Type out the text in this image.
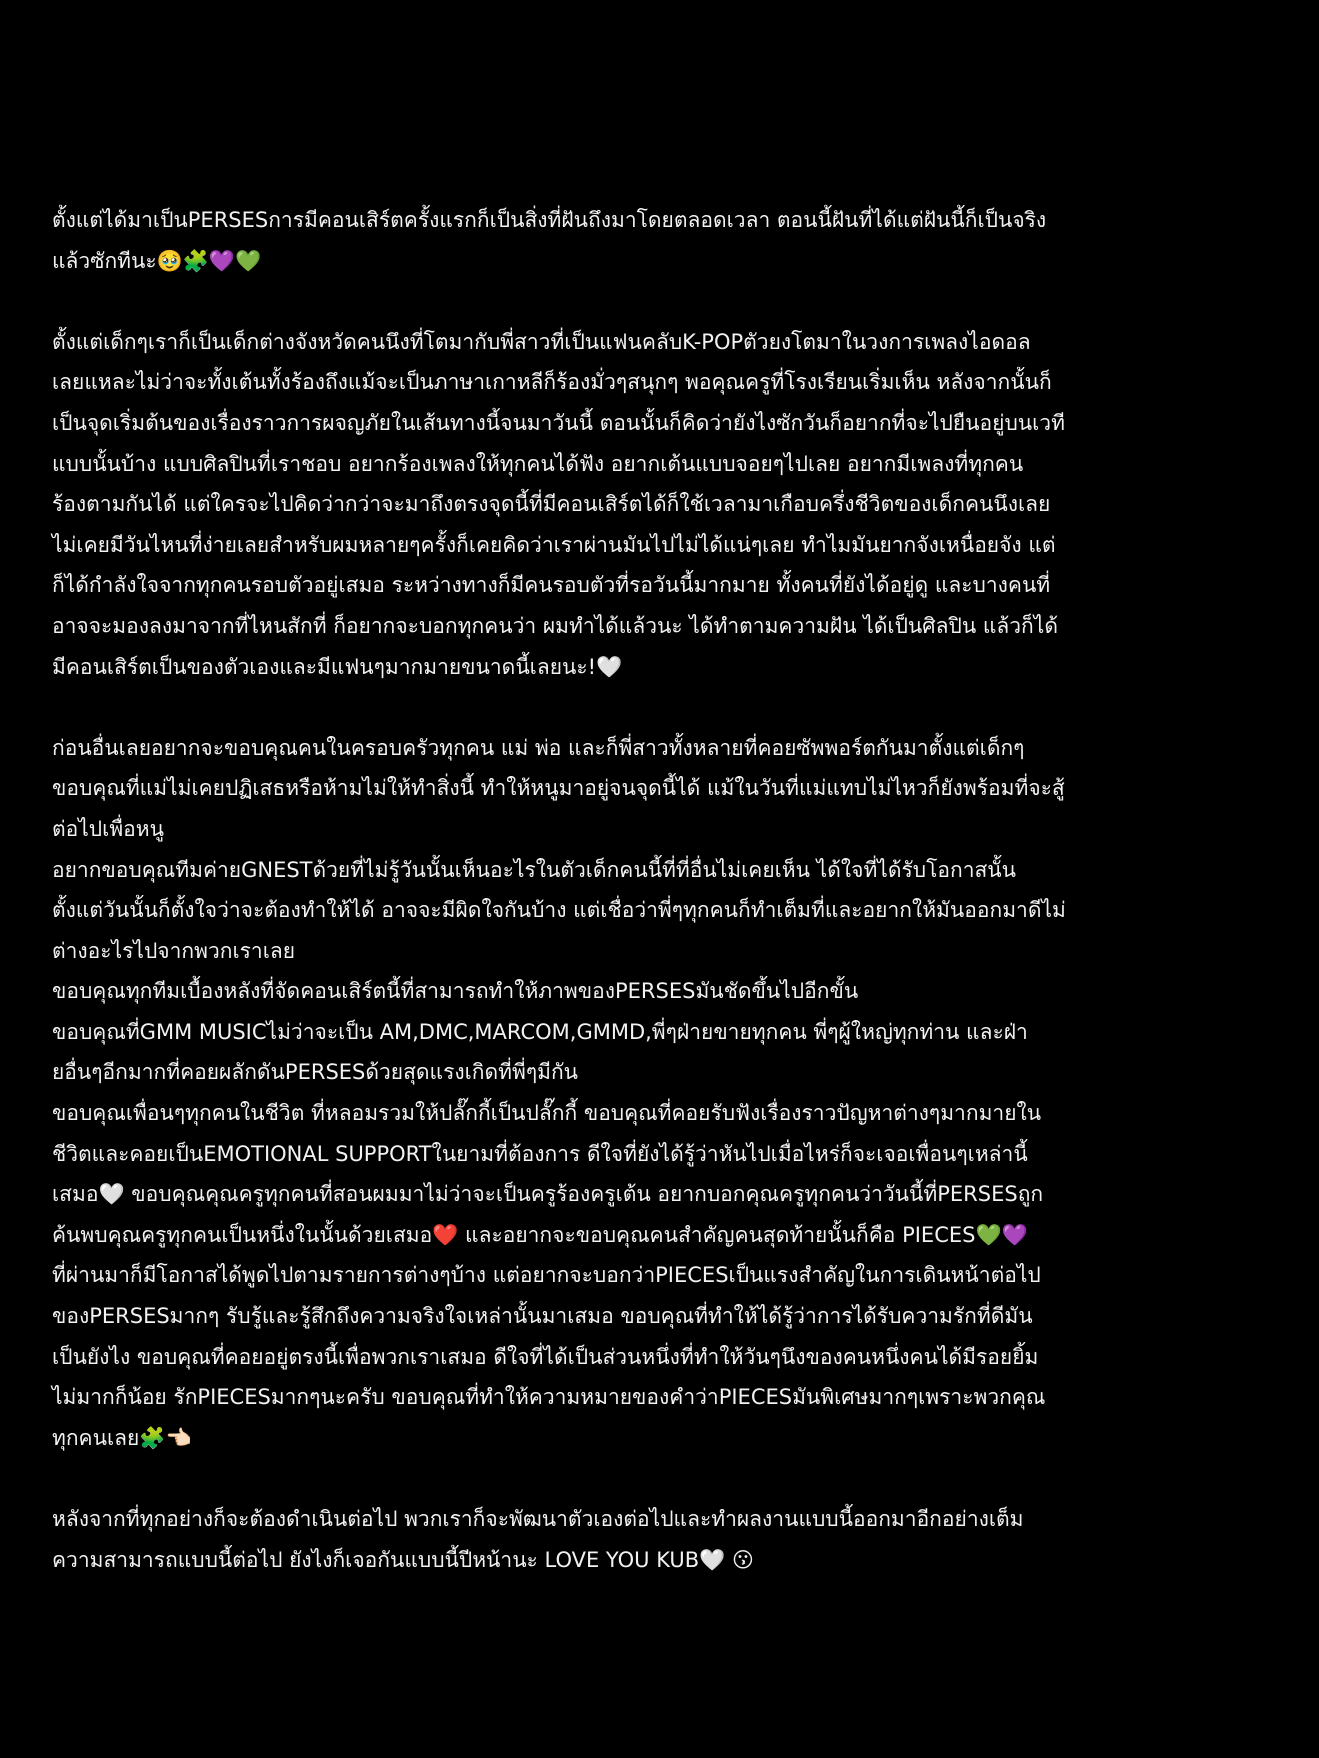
ตั้งแต่ได้มาเป็นPERSESการมีคอนเสิร์ตครั้งแรกก็เป็นสิ่งที่ฝันถึงมาโดยตลอดเวลา ตอนนี้ฝันที่ได้แต่ฝันนี้ก็เป็นจริง
แล้วซักทีนะ🥹🧩💜💚

ตั้งแต่เด็กๆเราก็เป็นเด็กต่างจังหวัดคนนึงที่โตมากับพี่สาวที่เป็นแฟนคลับK-POPตัวยงโตมาในวงการเพลงไอดอล
เลยแหละไม่ว่าจะทั้งเต้นทั้งร้องถึงแม้จะเป็นภาษาเกาหลีก็ร้องมั่วๆสนุกๆ พอคุณครูที่โรงเรียนเริ่มเห็น หลังจากนั้นก็
เป็นจุดเริ่มต้นของเรื่องราวการผจญภัยในเส้นทางนี้จนมาวันนี้ ตอนนั้นก็คิดว่ายังไงซักวันก็อยากที่จะไปยืนอยู่บนเวที
แบบนั้นบ้าง แบบศิลปินที่เราชอบ อยากร้องเพลงให้ทุกคนได้ฟัง อยากเต้นแบบจอยๆไปเลย อยากมีเพลงที่ทุกคน
ร้องตามกันได้ แต่ใครจะไปคิดว่ากว่าจะมาถึงตรงจุดนี้ที่มีคอนเสิร์ตได้ก็ใช้เวลามาเกือบครึ่งชีวิตของเด็กคนนึงเลย
ไม่เคยมีวันไหนที่ง่ายเลยสำหรับผมหลายๆครั้งก็เคยคิดว่าเราผ่านมันไปไม่ได้แน่ๆเลย ทำไมมันยากจังเหนื่อยจัง แต่
ก็ได้กำลังใจจากทุกคนรอบตัวอยู่เสมอ ระหว่างทางก็มีคนรอบตัวที่รอวันนี้มากมาย ทั้งคนที่ยังได้อยู่ดู และบางคนที่
อาจจะมองลงมาจากที่ไหนสักที่ ก็อยากจะบอกทุกคนว่า ผมทำได้แล้วนะ ได้ทำตามความฝัน ได้เป็นศิลปิน แล้วก็ได้
มีคอนเสิร์ตเป็นของตัวเองและมีแฟนๆมากมายขนาดนี้เลยนะ!🤍

ก่อนอื่นเลยอยากจะขอบคุณคนในครอบครัวทุกคน แม่ พ่อ และก็พี่สาวทั้งหลายที่คอยซัพพอร์ตกันมาตั้งแต่เด็กๆ
ขอบคุณที่แม่ไม่เคยปฏิเสธหรือห้ามไม่ให้ทำสิ่งนี้ ทำให้หนูมาอยู่จนจุดนี้ได้ แม้ในวันที่แม่แทบไม่ไหวก็ยังพร้อมที่จะสู้
ต่อไปเพื่อหนู
อยากขอบคุณทีมค่ายGNESTด้วยที่ไม่รู้วันนั้นเห็นอะไรในตัวเด็กคนนี้ที่ที่อื่นไม่เคยเห็น ได้ใจที่ได้รับโอกาสนั้น
ตั้งแต่วันนั้นก็ตั้งใจว่าจะต้องทำให้ได้ อาจจะมีผิดใจกันบ้าง แต่เชื่อว่าพี่ๆทุกคนก็ทำเต็มที่และอยากให้มันออกมาดีไม่
ต่างอะไรไปจากพวกเราเลย
ขอบคุณทุกทีมเบื้องหลังที่จัดคอนเสิร์ตนี้ที่สามารถทำให้ภาพของPERSESมันชัดขึ้นไปอีกขั้น
ขอบคุณที่GMM MUSICไม่ว่าจะเป็น AM,DMC,MARCOM,GMMD,พี่ๆฝ่ายขายทุกคน พี่ๆผู้ใหญ่ทุกท่าน และฝ่า
ยอื่นๆอีกมากที่คอยผลักดันPERSESด้วยสุดแรงเกิดที่พี่ๆมีกัน
ขอบคุณเพื่อนๆทุกคนในชีวิต ที่หลอมรวมให้ปลั๊กกี้เป็นปลั๊กกี้ ขอบคุณที่คอยรับฟังเรื่องราวปัญหาต่างๆมากมายใน
ชีวิตและคอยเป็นEMOTIONAL SUPPORTในยามที่ต้องการ ดีใจที่ยังได้รู้ว่าหันไปเมื่อไหร่ก็จะเจอเพื่อนๆเหล่านี้
เสมอ🤍 ขอบคุณคุณครูทุกคนที่สอนผมมาไม่ว่าจะเป็นครูร้องครูเต้น อยากบอกคุณครูทุกคนว่าวันนี้ที่PERSESถูก
ค้นพบคุณครูทุกคนเป็นหนึ่งในนั้นด้วยเสมอ❤️ และอยากจะขอบคุณคนสำคัญคนสุดท้ายนั้นก็คือ PIECES💚💜
ที่ผ่านมาก็มีโอกาสได้พูดไปตามรายการต่างๆบ้าง แต่อยากจะบอกว่าPIECESเป็นแรงสำคัญในการเดินหน้าต่อไป
ของPERSESมากๆ รับรู้และรู้สึกถึงความจริงใจเหล่านั้นมาเสมอ ขอบคุณที่ทำให้ได้รู้ว่าการได้รับความรักที่ดีมัน
เป็นยังไง ขอบคุณที่คอยอยู่ตรงนี้เพื่อพวกเราเสมอ ดีใจที่ได้เป็นส่วนหนึ่งที่ทำให้วันๆนึงของคนหนึ่งคนได้มีรอยยิ้ม
ไม่มากก็น้อย รักPIECESมากๆนะครับ ขอบคุณที่ทำให้ความหมายของคำว่าPIECESมันพิเศษมากๆเพราะพวกคุณ
ทุกคนเลย🧩👈🏻

หลังจากที่ทุกอย่างก็จะต้องดำเนินต่อไป พวกเราก็จะพัฒนาตัวเองต่อไปและทำผลงานแบบนี้ออกมาอีกอย่างเต็ม
ความสามารถแบบนี้ต่อไป ยังไงก็เจอกันแบบนี้ปีหน้านะ LOVE YOU KUB🤍 😗
